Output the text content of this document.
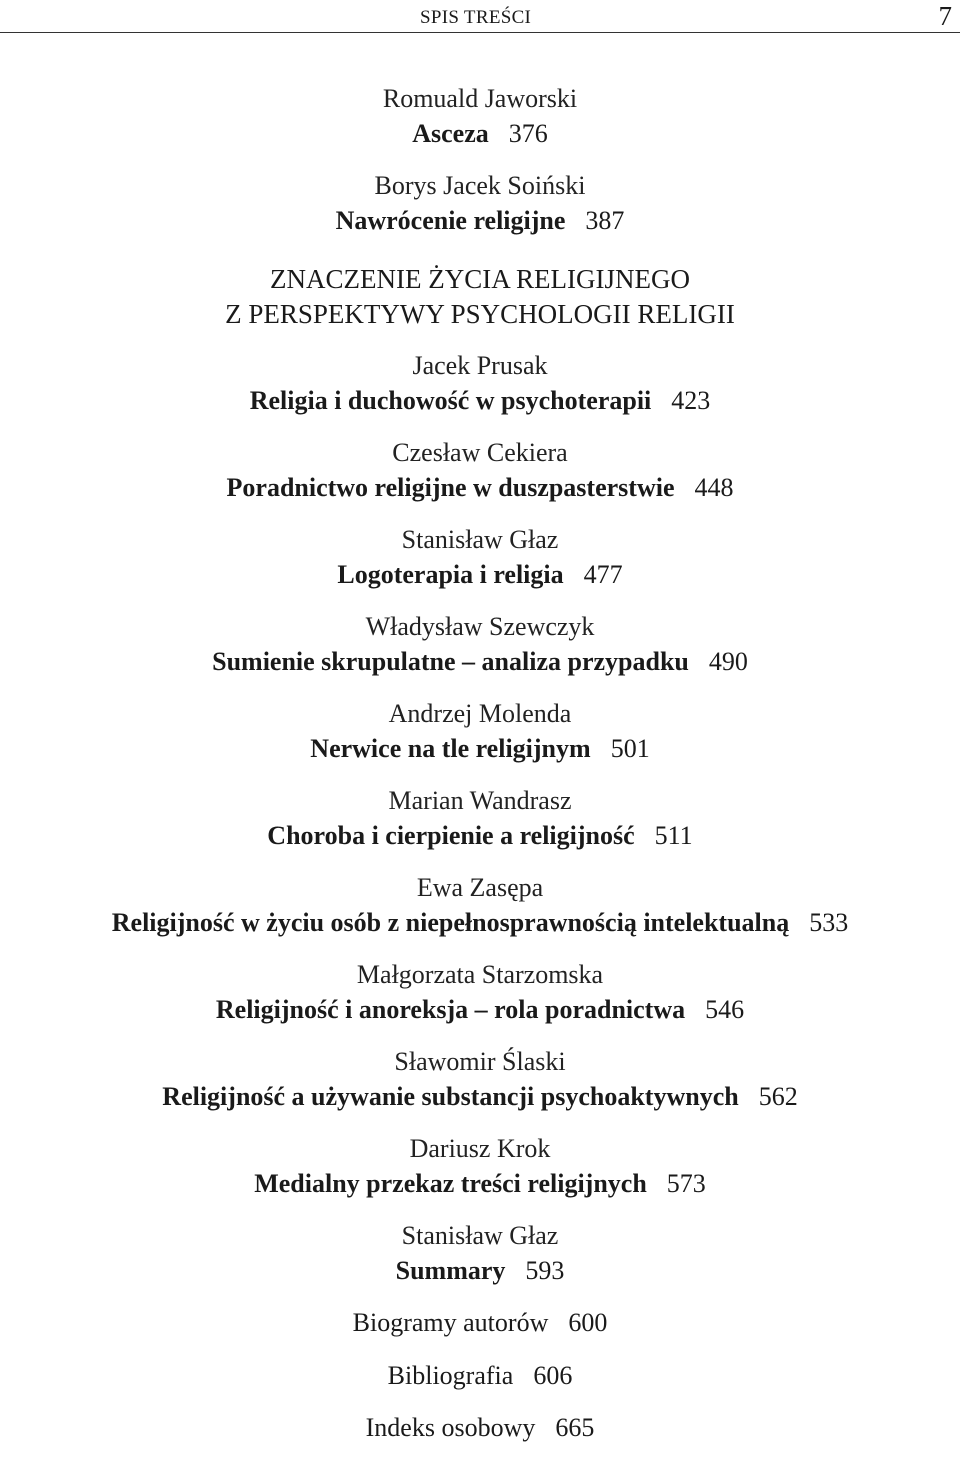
SPIS TREŚCI	7
Romuald Jaworski
Asceza 376
Borys Jacek Soiński
Nawrócenie religijne 387
ZNACZENIE ŻYCIA RELIGIJNEGO
Z PERSPEKTYWY PSYCHOLOGII RELIGII
Jacek Prusak
Religia i duchowość w psychoterapii 423
Czesław Cekiera
Poradnictwo religijne w duszpasterstwie 448
Stanisław Głaz
Logoterapia i religia 477
Władysław Szewczyk
Sumienie skrupulatne – analiza przypadku 490
Andrzej Molenda
Nerwice na tle religijnym 501
Marian Wandrasz
Choroba i cierpienie a religijność 511
Ewa Zasępa
Religijność w życiu osób z niepełnosprawnością intelektualną 533
Małgorzata Starzomska
Religijność i anoreksja – rola poradnictwa 546
Sławomir Ślaski
Religijność a używanie substancji psychoaktywnych 562
Dariusz Krok
Medialny przekaz treści religijnych 573
Stanisław Głaz
Summary 593
Biogramy autorów 600
Bibliografia 606
Indeks osobowy 665
